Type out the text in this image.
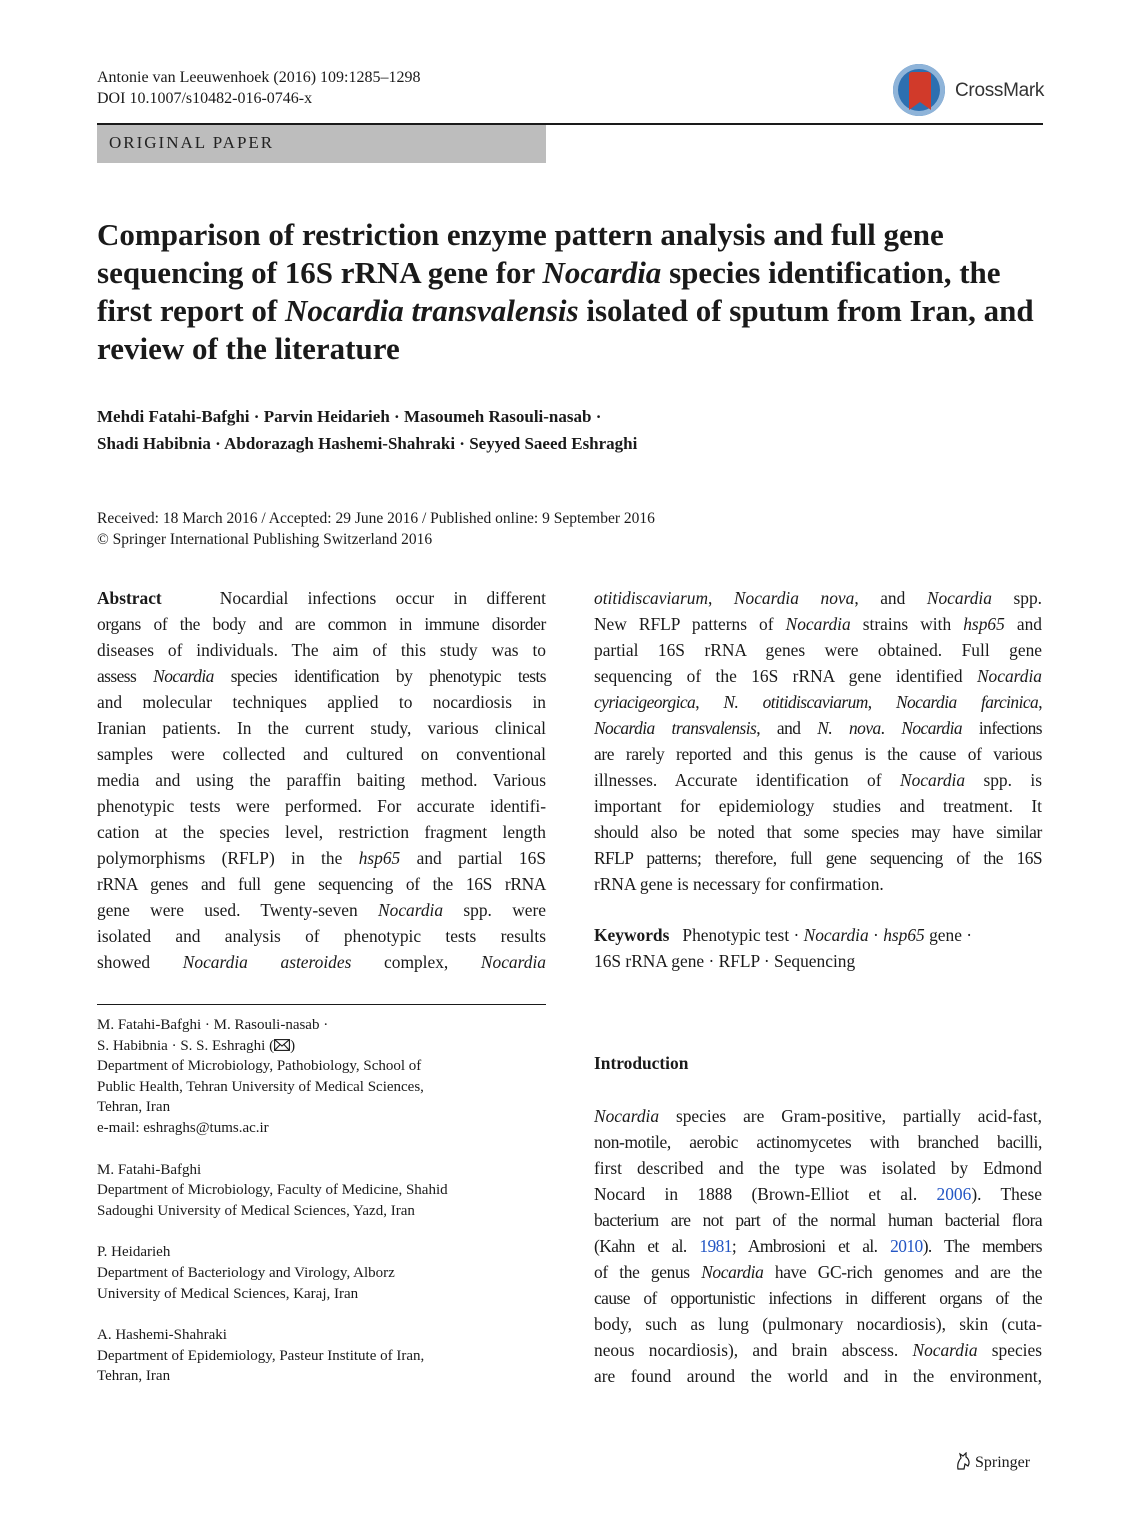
Antonie van Leeuwenhoek (2016) 109:1285–1298
DOI 10.1007/s10482-016-0746-x	CrossMark
ORIGINAL PAPER
Comparison of restriction enzyme pattern analysis and full gene sequencing of 16S rRNA gene for Nocardia species identification, the first report of Nocardia transvalensis isolated of sputum from Iran, and review of the literature
Mehdi Fatahi-Bafghi · Parvin Heidarieh · Masoumeh Rasouli-nasab ·
Shadi Habibnia · Abdorazagh Hashemi-Shahraki · Seyyed Saeed Eshraghi
Received: 18 March 2016 / Accepted: 29 June 2016 / Published online: 9 September 2016
© Springer International Publishing Switzerland 2016
Abstract	Nocardial infections occur in different
organs of the body and are common in immune disorder
diseases of individuals. The aim of this study was to
assess Nocardia species identification by phenotypic tests
and molecular techniques applied to nocardiosis in
Iranian patients. In the current study, various clinical
samples were collected and cultured on conventional
media and using the paraffin baiting method. Various
phenotypic tests were performed. For accurate identifi-
cation at the species level, restriction fragment length
polymorphisms (RFLP) in the hsp65 and partial 16S
rRNA genes and full gene sequencing of the 16S rRNA
gene were used. Twenty-seven Nocardia spp. were
isolated and analysis of phenotypic tests results
showed Nocardia asteroides complex, Nocardia
otitidiscaviarum, Nocardia nova, and Nocardia spp.
New RFLP patterns of Nocardia strains with hsp65 and
partial 16S rRNA genes were obtained. Full gene
sequencing of the 16S rRNA gene identified Nocardia
cyriacigeorgica, N. otitidiscaviarum, Nocardia farcinica,
Nocardia transvalensis, and N. nova. Nocardia infections
are rarely reported and this genus is the cause of various
illnesses. Accurate identification of Nocardia spp. is
important for epidemiology studies and treatment. It
should also be noted that some species may have similar
RFLP patterns; therefore, full gene sequencing of the 16S
rRNA gene is necessary for confirmation.
Keywords Phenotypic test · Nocardia · hsp65 gene ·
16S rRNA gene · RFLP · Sequencing
M. Fatahi-Bafghi · M. Rasouli-nasab ·
S. Habibnia · S. S. Eshraghi ( )
Department of Microbiology, Pathobiology, School of
Public Health, Tehran University of Medical Sciences,
Tehran, Iran
e-mail: eshraghs@tums.ac.ir
M. Fatahi-Bafghi
Department of Microbiology, Faculty of Medicine, Shahid
Sadoughi University of Medical Sciences, Yazd, Iran
P. Heidarieh
Department of Bacteriology and Virology, Alborz
University of Medical Sciences, Karaj, Iran
A. Hashemi-Shahraki
Department of Epidemiology, Pasteur Institute of Iran,
Tehran, Iran
Introduction
Nocardia species are Gram-positive, partially acid-fast,
non-motile, aerobic actinomycetes with branched bacilli,
first described and the type was isolated by Edmond
Nocard in 1888 (Brown-Elliot et al. 2006). These
bacterium are not part of the normal human bacterial flora
(Kahn et al. 1981; Ambrosioni et al. 2010). The members
of the genus Nocardia have GC-rich genomes and are the
cause of opportunistic infections in different organs of the
body, such as lung (pulmonary nocardiosis), skin (cuta-
neous nocardiosis), and brain abscess. Nocardia species
are found around the world and in the environment,
Springer
